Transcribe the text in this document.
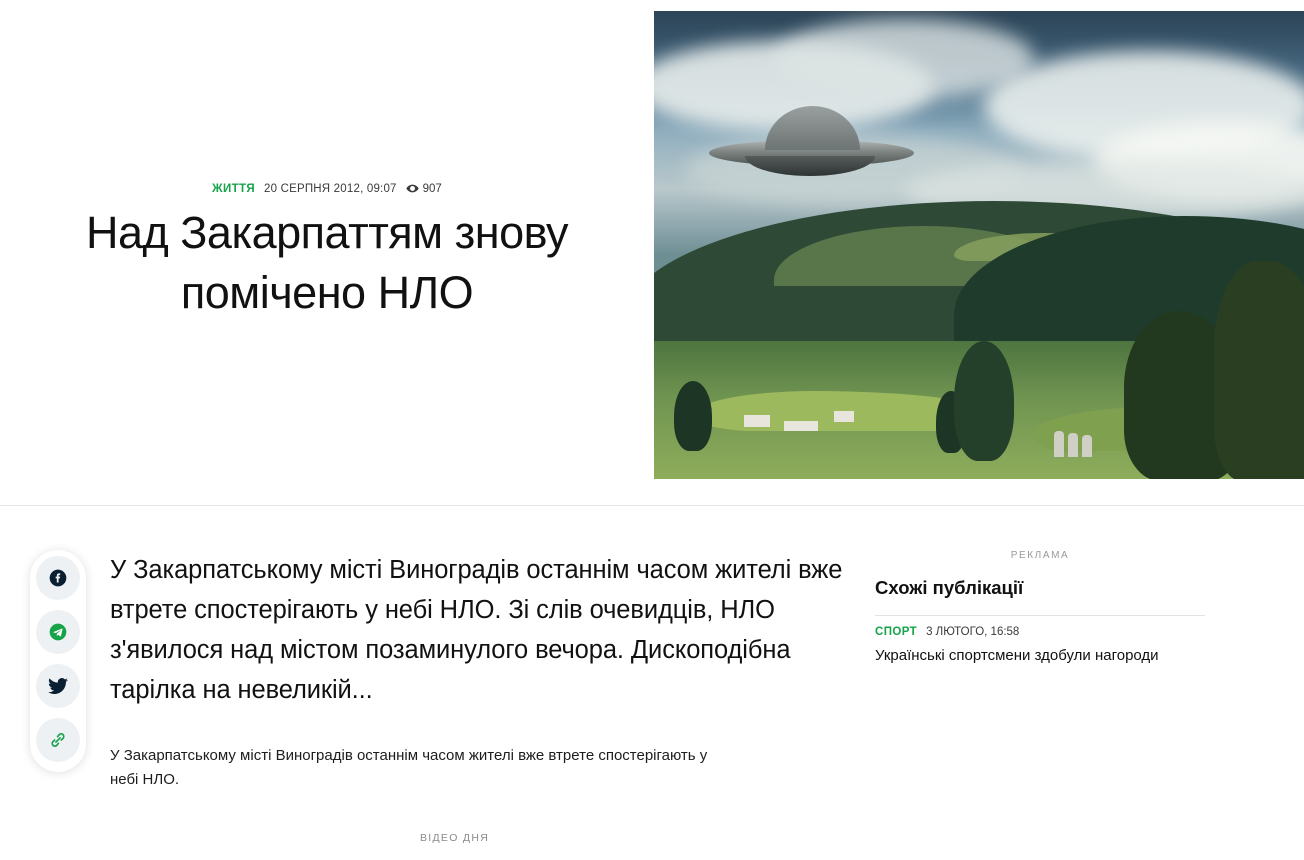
ЖИТТЯ 20 СЕРПНЯ 2012, 09:07 907
Над Закарпаттям знову помічено НЛО

У Закарпатському місті Виноградів останнім часом жителі вже втрете спостерігають у небі НЛО. Зі слів очевидців, НЛО з'явилося над містом позаминулого вечора. Дископодібна тарілка на невеликій...

У Закарпатському місті Виноградів останнім часом жителі вже втрете спостерігають у небі НЛО.

ВІДЕО ДНЯ
РЕКЛАМА
Схожі публікації
СПОРТ 3 ЛЮТОГО, 16:58
Українські спортсмени здобули нагороди
